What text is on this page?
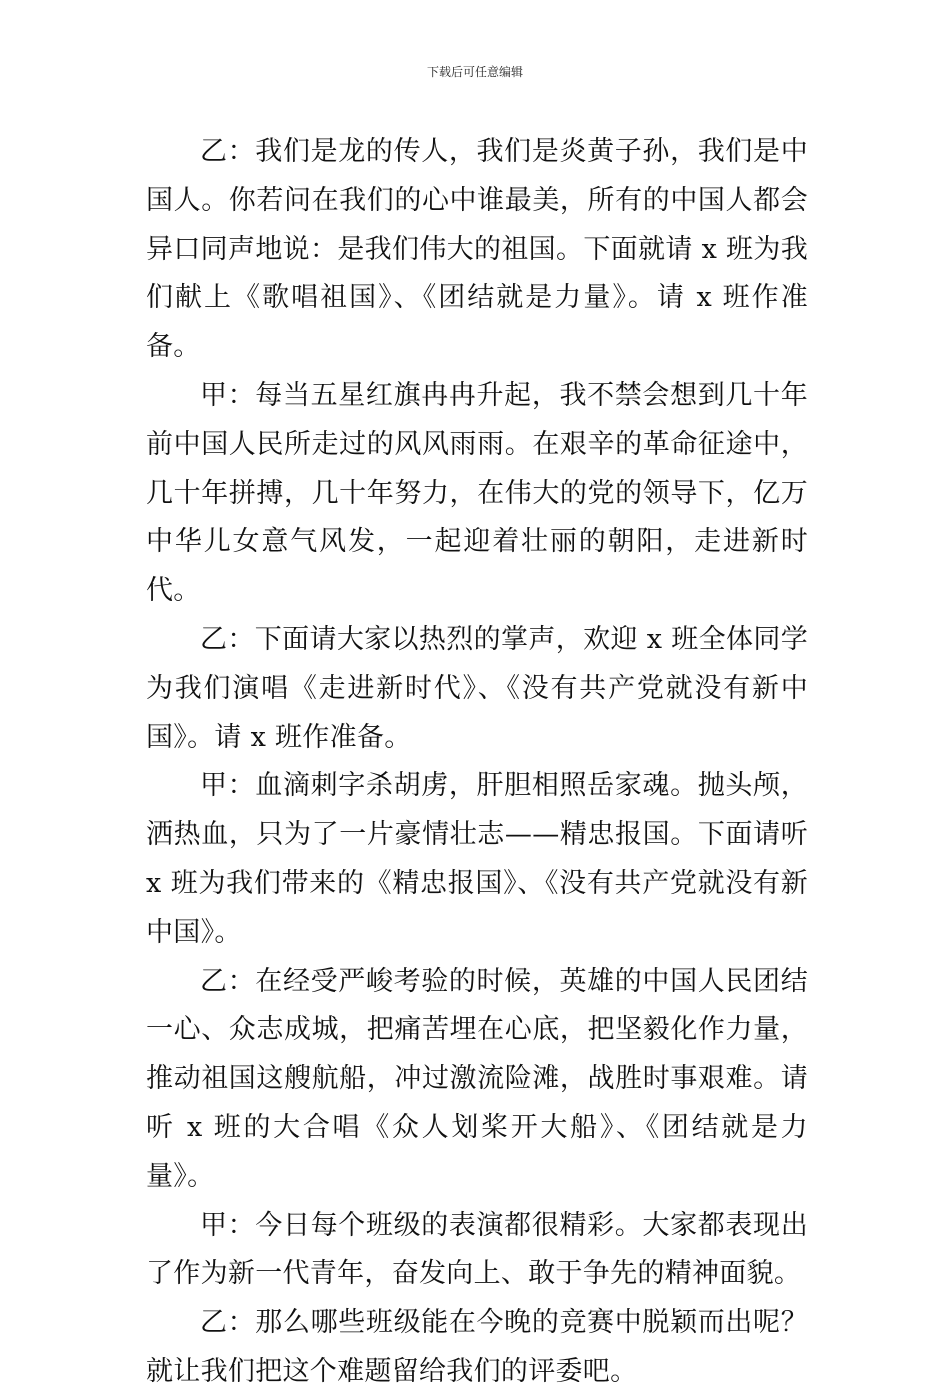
下载后可任意编辑

乙：我们是龙的传人，我们是炎黄子孙，我们是中国人。你若问在我们的心中谁最美，所有的中国人都会异口同声地说：是我们伟大的祖国。下面就请 x 班为我们献上《歌唱祖国》、《团结就是力量》。请 x 班作准备。

甲：每当五星红旗冉冉升起，我不禁会想到几十年前中国人民所走过的风风雨雨。在艰辛的革命征途中，几十年拼搏，几十年努力，在伟大的党的领导下，亿万中华儿女意气风发，一起迎着壮丽的朝阳，走进新时代。

乙：下面请大家以热烈的掌声，欢迎 x 班全体同学为我们演唱《走进新时代》、《没有共产党就没有新中国》。请 x 班作准备。

甲：血滴刺字杀胡虏，肝胆相照岳家魂。抛头颅，洒热血，只为了一片豪情壮志——精忠报国。下面请听 x 班为我们带来的《精忠报国》、《没有共产党就没有新中国》。

乙：在经受严峻考验的时候，英雄的中国人民团结一心、众志成城，把痛苦埋在心底，把坚毅化作力量，推动祖国这艘航船，冲过激流险滩，战胜时事艰难。请听 x 班的大合唱《众人划桨开大船》、《团结就是力量》。

甲：今日每个班级的表演都很精彩。大家都表现出了作为新一代青年，奋发向上、敢于争先的精神面貌。

乙：那么哪些班级能在今晚的竞赛中脱颖而出呢？就让我们把这个难题留给我们的评委吧。
